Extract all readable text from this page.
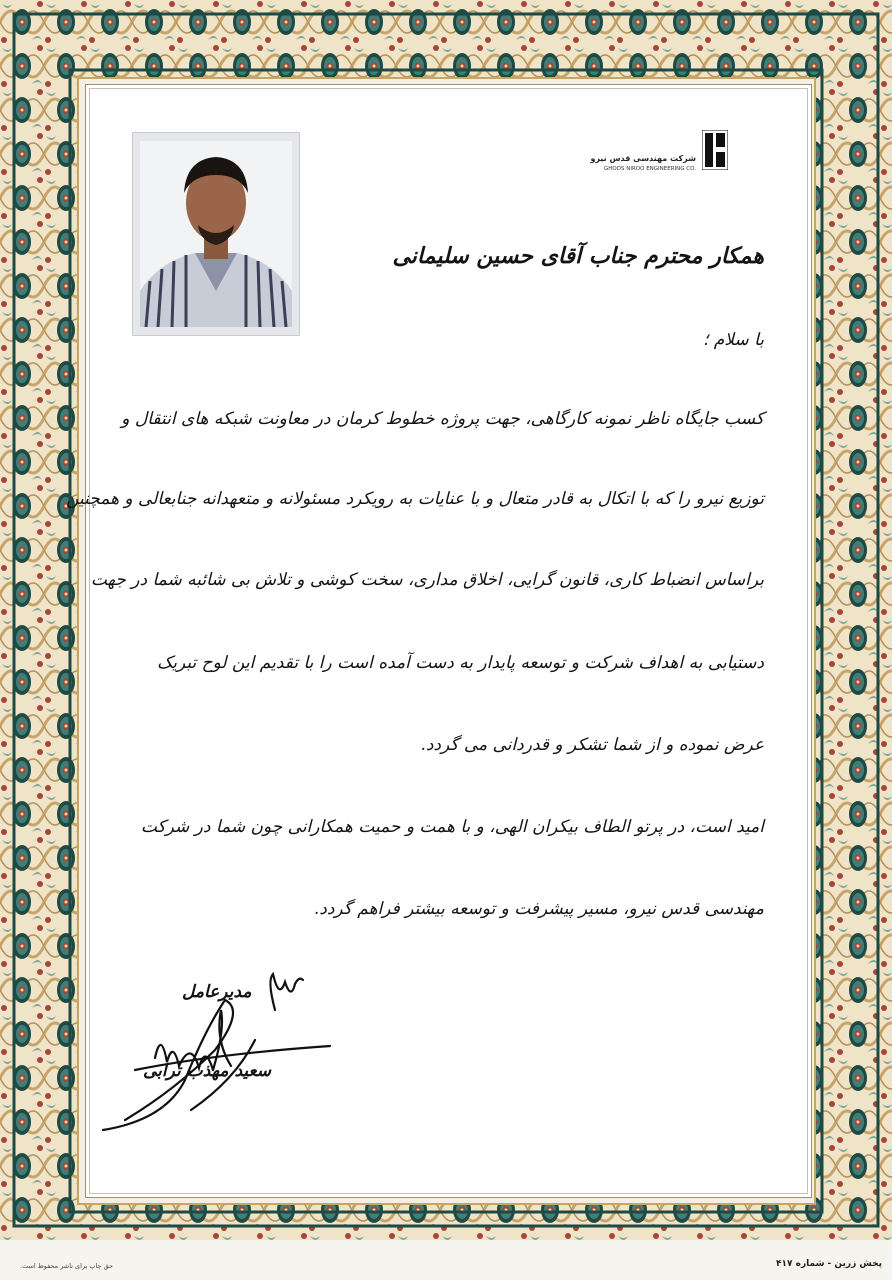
شرکت مهندسی قدس نیرو
GHODS NIROO ENGINEERING CO.
همکار محترم جناب آقای حسین سلیمانی
با سلام ؛
کسب جایگاه ناظر نمونه کارگاهی، جهت پروژه خطوط کرمان در معاونت شبکه های انتقال و
توزیع نیرو را که با اتکال به قادر متعال و با عنایات به رویکرد مسئولانه و متعهدانه جنابعالی و همچنین
براساس انضباط کاری، قانون گرایی، اخلاق مداری، سخت کوشی و تلاش بی شائبه شما در جهت
دستیابی به اهداف شرکت و توسعه پایدار به دست آمده است را با تقدیم این لوح تبریک
عرض نموده و از شما تشکر و قدردانی می گردد.
امید است، در پرتو الطاف بیکران الهی، و با همت و حمیت همکارانی چون شما در شرکت
مهندسی قدس نیرو، مسیر پیشرفت و توسعه بیشتر فراهم گردد.
مدیرعامل
سعید مهذب ترابی
پخش زرین - شماره ۴۱۷
حق چاپ برای ناشر محفوظ است.
